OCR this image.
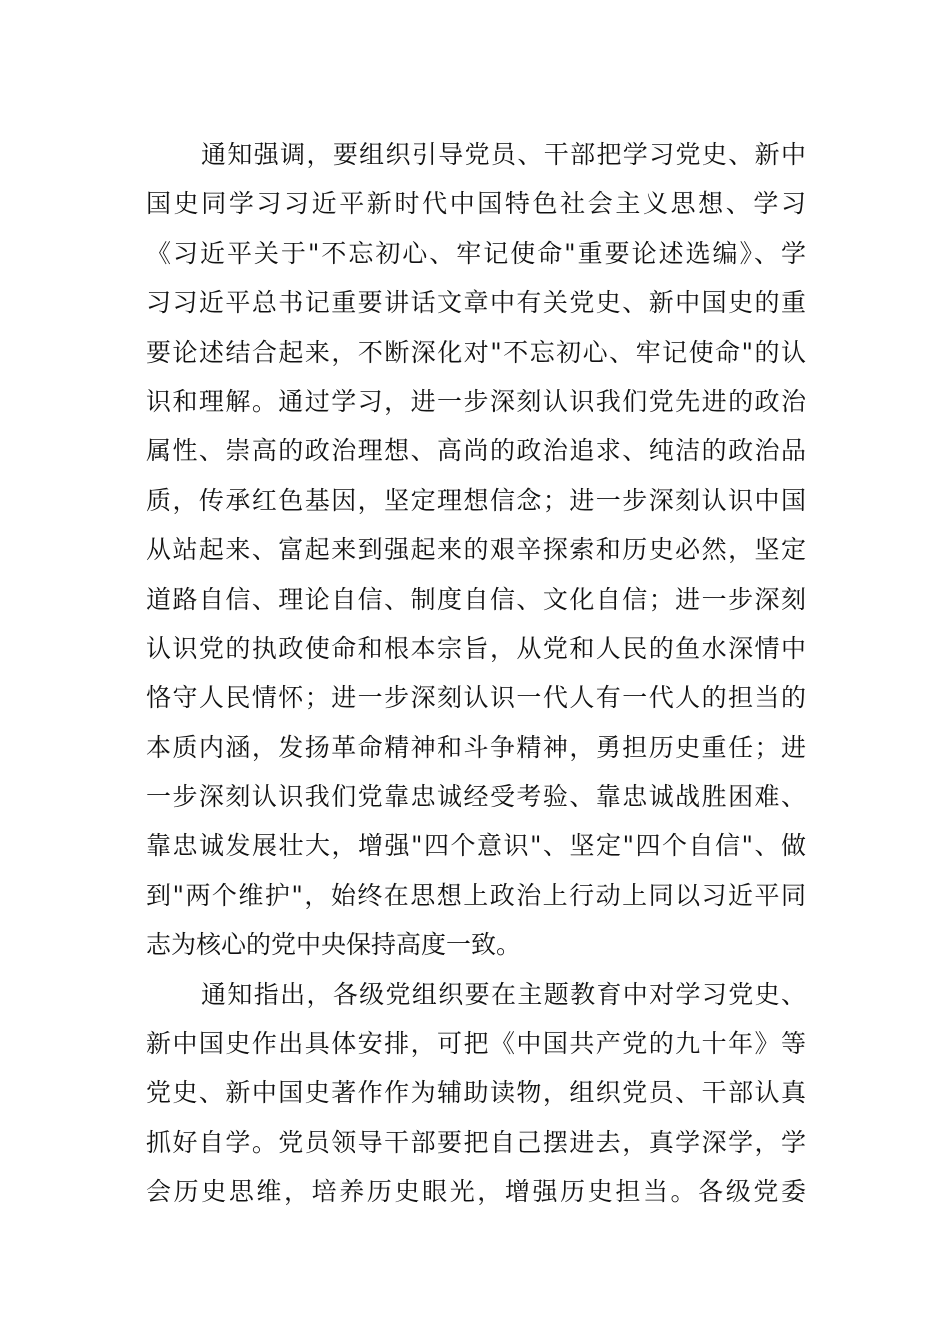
通知强调，要组织引导党员、干部把学习党史、新中
国史同学习习近平新时代中国特色社会主义思想、学习
《习近平关于"不忘初心、牢记使命"重要论述选编》、学
习习近平总书记重要讲话文章中有关党史、新中国史的重
要论述结合起来，不断深化对"不忘初心、牢记使命"的认
识和理解。通过学习，进一步深刻认识我们党先进的政治
属性、崇高的政治理想、高尚的政治追求、纯洁的政治品
质，传承红色基因，坚定理想信念；进一步深刻认识中国
从站起来、富起来到强起来的艰辛探索和历史必然，坚定
道路自信、理论自信、制度自信、文化自信；进一步深刻
认识党的执政使命和根本宗旨，从党和人民的鱼水深情中
恪守人民情怀；进一步深刻认识一代人有一代人的担当的
本质内涵，发扬革命精神和斗争精神，勇担历史重任；进
一步深刻认识我们党靠忠诚经受考验、靠忠诚战胜困难、
靠忠诚发展壮大，增强"四个意识"、坚定"四个自信"、做
到"两个维护"，始终在思想上政治上行动上同以习近平同
志为核心的党中央保持高度一致。
通知指出，各级党组织要在主题教育中对学习党史、
新中国史作出具体安排，可把《中国共产党的九十年》等
党史、新中国史著作作为辅助读物，组织党员、干部认真
抓好自学。党员领导干部要把自己摆进去，真学深学，学
会历史思维，培养历史眼光，增强历史担当。各级党委
